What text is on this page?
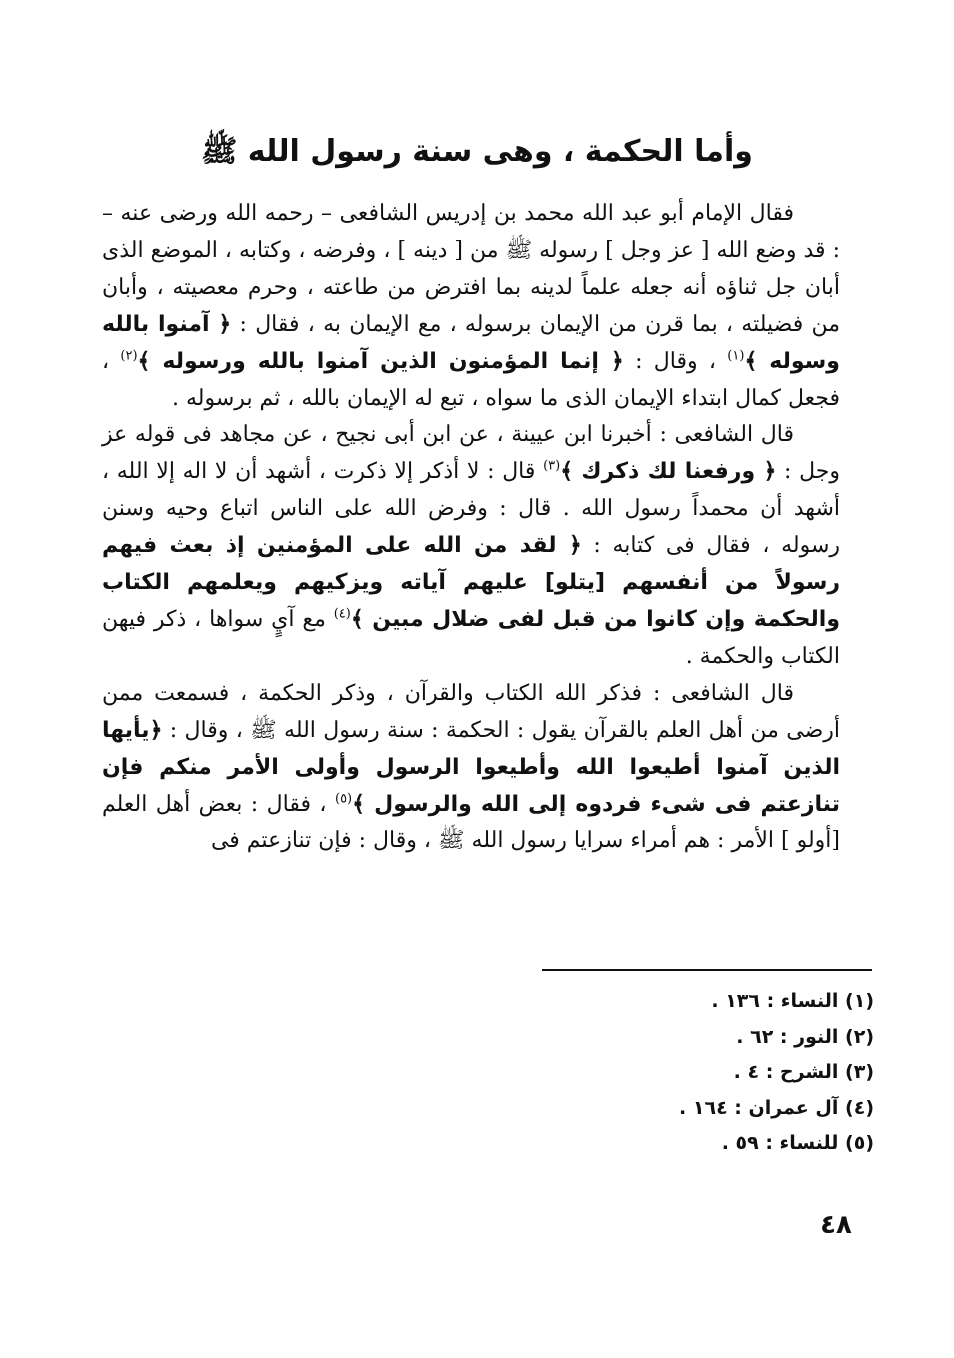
وأما الحكمة ، وهى سنة رسول الله ﷺ

فقال الإمام أبو عبد الله محمد بن إدريس الشافعى – رحمه الله ورضى عنه – : قد وضع الله [ عز وجل ] رسوله ﷺ من [ دينه ] ، وفرضه ، وكتابه ، الموضع الذى أبان جل ثناؤه أنه جعله علماً لدينه بما افترض من طاعته ، وحرم معصيته ، وأبان من فضيلته ، بما قرن من الإيمان برسوله ، مع الإيمان به ، فقال : ﴿ آمنوا بالله وسوله ﴾$^{(١)}$ ، وقال : ﴿ إنما المؤمنون الذين آمنوا بالله ورسوله ﴾$^{(٢)}$ ، فجعل كمال ابتداء الإيمان الذى ما سواه ، تبع له الإيمان بالله ، ثم برسوله .

قال الشافعى : أخبرنا ابن عيينة ، عن ابن أبى نجيح ، عن مجاهد فى قوله عز وجل : ﴿ ورفعنا لك ذكرك ﴾$^{(٣)}$ قال : لا أذكر إلا ذكرت ، أشهد أن لا اله إلا الله ، أشهد أن محمداً رسول الله . قال : وفرض الله على الناس اتباع وحيه وسنن رسوله ، فقال فى كتابه : ﴿ لقد من الله على المؤمنين إذ بعث فيهم رسولاً من أنفسهم [يتلو] عليهم آياته ويزكيهم ويعلمهم الكتاب والحكمة وإن كانوا من قبل لفى ضلال مبين ﴾$^{(٤)}$ مع آيٍ سواها ، ذكر فيهن الكتاب والحكمة .

قال الشافعى : فذكر الله الكتاب والقرآن ، وذكر الحكمة ، فسمعت ممن أرضى من أهل العلم بالقرآن يقول : الحكمة : سنة رسول الله ﷺ ، وقال : ﴿يأيها الذين آمنوا أطيعوا الله وأطيعوا الرسول وأولى الأمر منكم فإن تنازعتم فى شىء فردوه إلى الله والرسول ﴾$^{(٥)}$ ، فقال : بعض أهل العلم [أولو ] الأمر : هم أمراء سرايا رسول الله ﷺ ، وقال : فإن تنازعتم فى

(١) النساء : ١٣٦ .
(٢) النور : ٦٢ .
(٣) الشرح : ٤ .
(٤) آل عمران : ١٦٤ .
(٥) للنساء : ٥٩ .
٤٨
